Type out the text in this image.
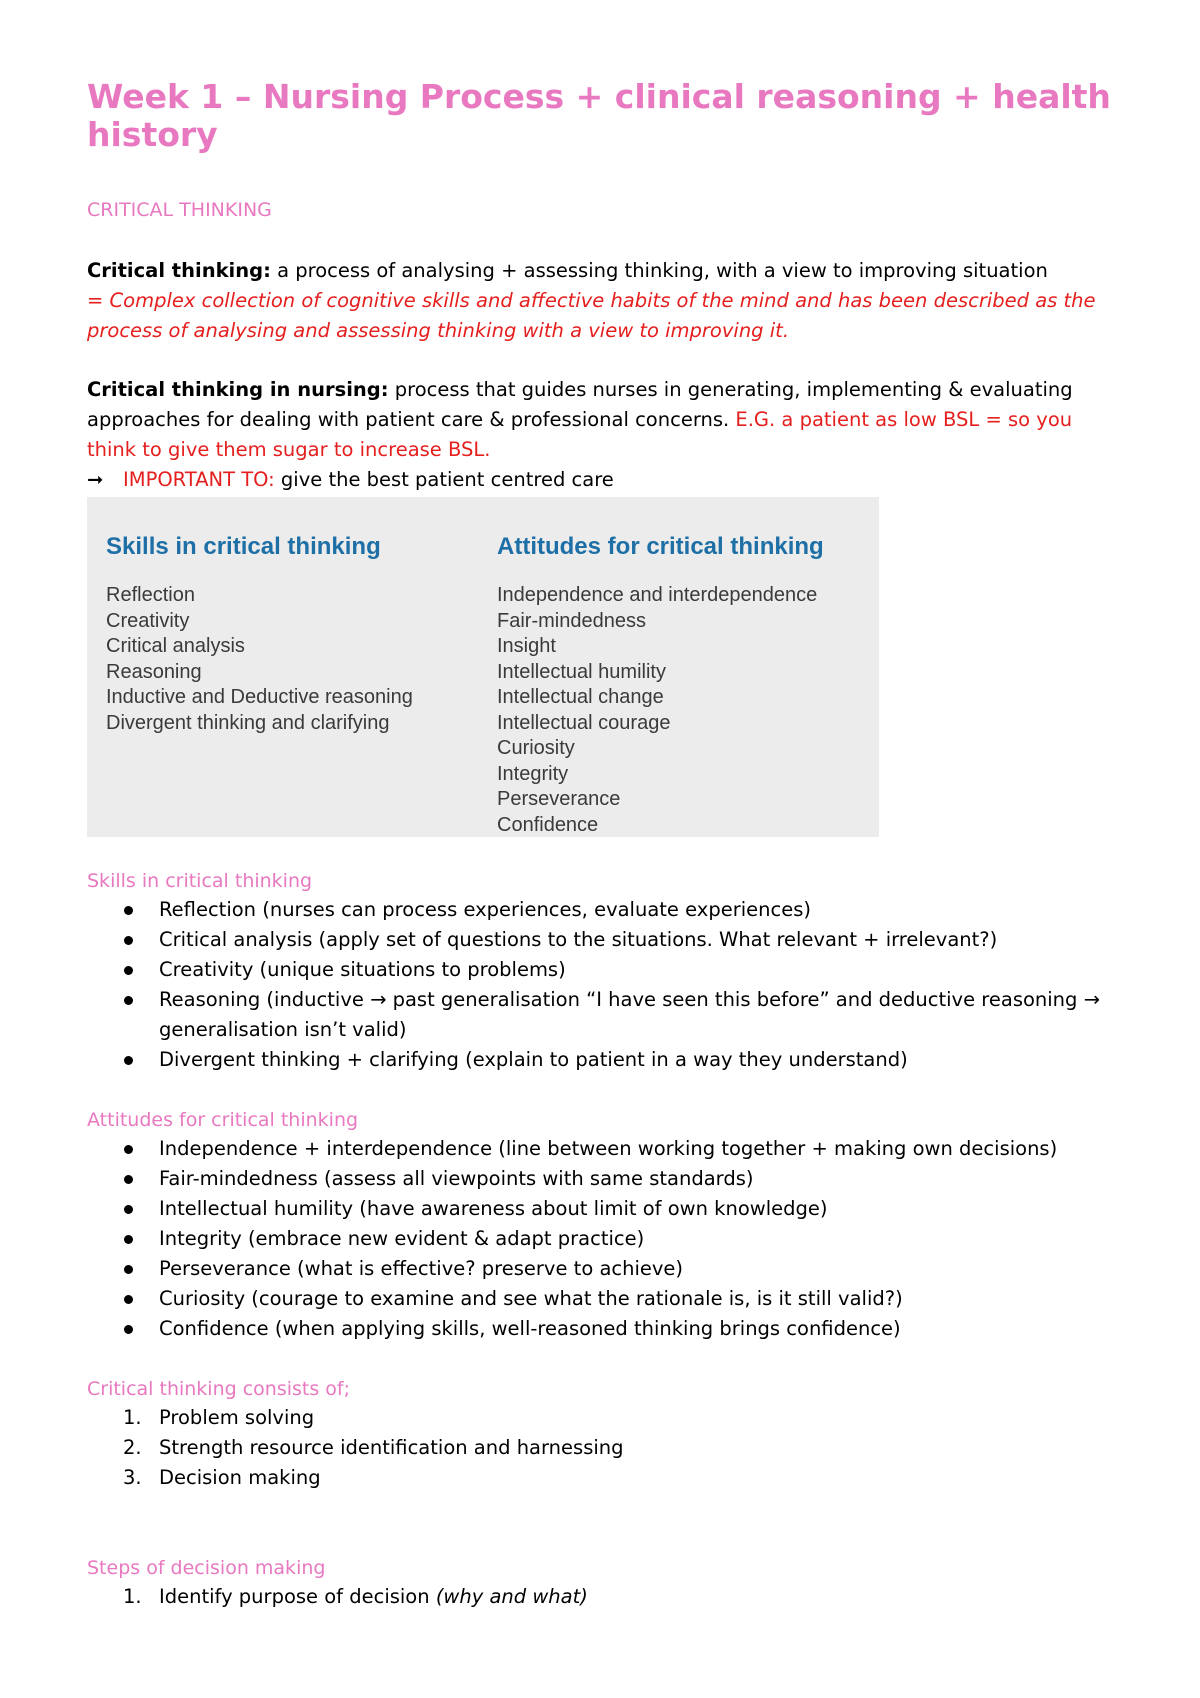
Week 1 – Nursing Process + clinical reasoning + health history

CRITICAL THINKING

Critical thinking: a process of analysing + assessing thinking, with a view to improving situation
= Complex collection of cognitive skills and affective habits of the mind and has been described as the process of analysing and assessing thinking with a view to improving it.

Critical thinking in nursing: process that guides nurses in generating, implementing & evaluating approaches for dealing with patient care & professional concerns. E.G. a patient as low BSL = so you think to give them sugar to increase BSL.

➞ IMPORTANT TO: give the best patient centred care
Skills in critical thinking
Reflection
Creativity
Critical analysis
Reasoning
Inductive and Deductive reasoning
Divergent thinking and clarifying
Attitudes for critical thinking
Independence and interdependence
Fair-mindedness
Insight
Intellectual humility
Intellectual change
Intellectual courage
Curiosity
Integrity
Perseverance
Confidence

Skills in critical thinking

Reflection (nurses can process experiences, evaluate experiences)
Critical analysis (apply set of questions to the situations. What relevant + irrelevant?)
Creativity (unique situations to problems)
Reasoning (inductive → past generalisation “I have seen this before” and deductive reasoning → generalisation isn’t valid)
Divergent thinking + clarifying (explain to patient in a way they understand)

Attitudes for critical thinking

Independence + interdependence (line between working together + making own decisions)
Fair-mindedness (assess all viewpoints with same standards)
Intellectual humility (have awareness about limit of own knowledge)
Integrity (embrace new evident & adapt practice)
Perseverance (what is effective? preserve to achieve)
Curiosity (courage to examine and see what the rationale is, is it still valid?)
Confidence (when applying skills, well-reasoned thinking brings confidence)

Critical thinking consists of;

1. Problem solving
2. Strength resource identification and harnessing
3. Decision making

Steps of decision making

1. Identify purpose of decision (why and what)
